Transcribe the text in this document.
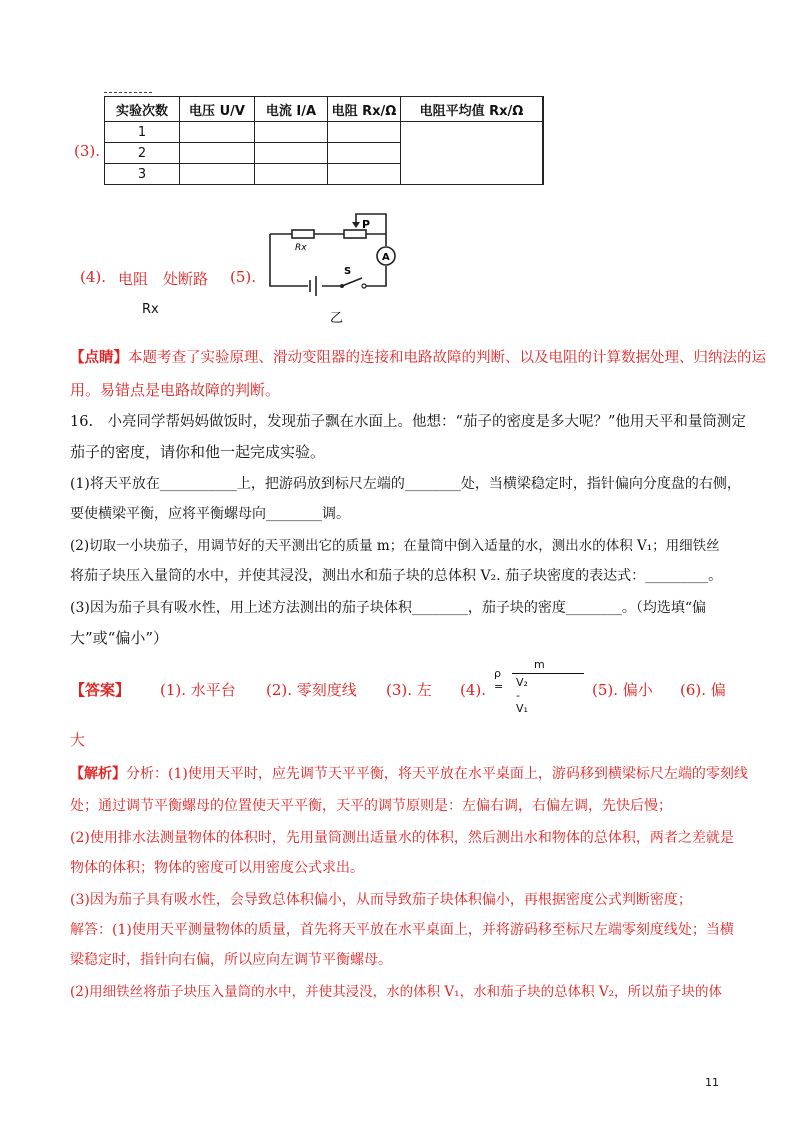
(3).
实验次数	电压 U/V	电流 I/A	电阻 Rx/Ω	电阻平均值 Rx/Ω
1				
2				
3				
(4). 电阻　处断路 (5).
Rx
Rx
P
S
A
乙
【点睛】本题考查了实验原理、滑动变阻器的连接和电路故障的判断、以及电阻的计算数据处理、归纳法的运
用。易错点是电路故障的判断。
16.　小亮同学帮妈妈做饭时，发现茄子飘在水面上。他想：“茄子的密度是多大呢？”他用天平和量筒测定
茄子的密度，请你和他一起完成实验。
(1)将天平放在___________上，把游码放到标尺左端的________处，当横梁稳定时，指针偏向分度盘的右侧，
要使横梁平衡，应将平衡螺母向________调。
(2)切取一小块茄子，用调节好的天平测出它的质量 m；在量筒中倒入适量的水，测出水的体积 V₁；用细铁丝
将茄子块压入量筒的水中，并使其浸没，测出水和茄子块的总体积 V₂. 茄子块密度的表达式：_________。
(3)因为茄子具有吸水性，用上述方法测出的茄子块体积________，茄子块的密度________。（均选填“偏
大”或“偏小”）
【答案】 (1). 水平台 (2). 零刻度线 (3). 左 (4).
m
ρ = V₂ - V₁
(5). 偏小 (6). 偏
大
【解析】分析：(1)使用天平时，应先调节天平平衡，将天平放在水平桌面上，游码移到横梁标尺左端的零刻线
处；通过调节平衡螺母的位置使天平平衡，天平的调节原则是：左偏右调，右偏左调，先快后慢；
(2)使用排水法测量物体的体积时，先用量筒测出适量水的体积，然后测出水和物体的总体积，两者之差就是
物体的体积；物体的密度可以用密度公式求出。
(3)因为茄子具有吸水性，会导致总体积偏小，从而导致茄子块体积偏小，再根据密度公式判断密度；
解答：(1)使用天平测量物体的质量，首先将天平放在水平桌面上，并将游码移至标尺左端零刻度线处；当横
梁稳定时，指针向右偏，所以应向左调节平衡螺母。
(2)用细铁丝将茄子块压入量筒的水中，并使其浸没，水的体积 V₁，水和茄子块的总体积 V₂，所以茄子块的体
11
